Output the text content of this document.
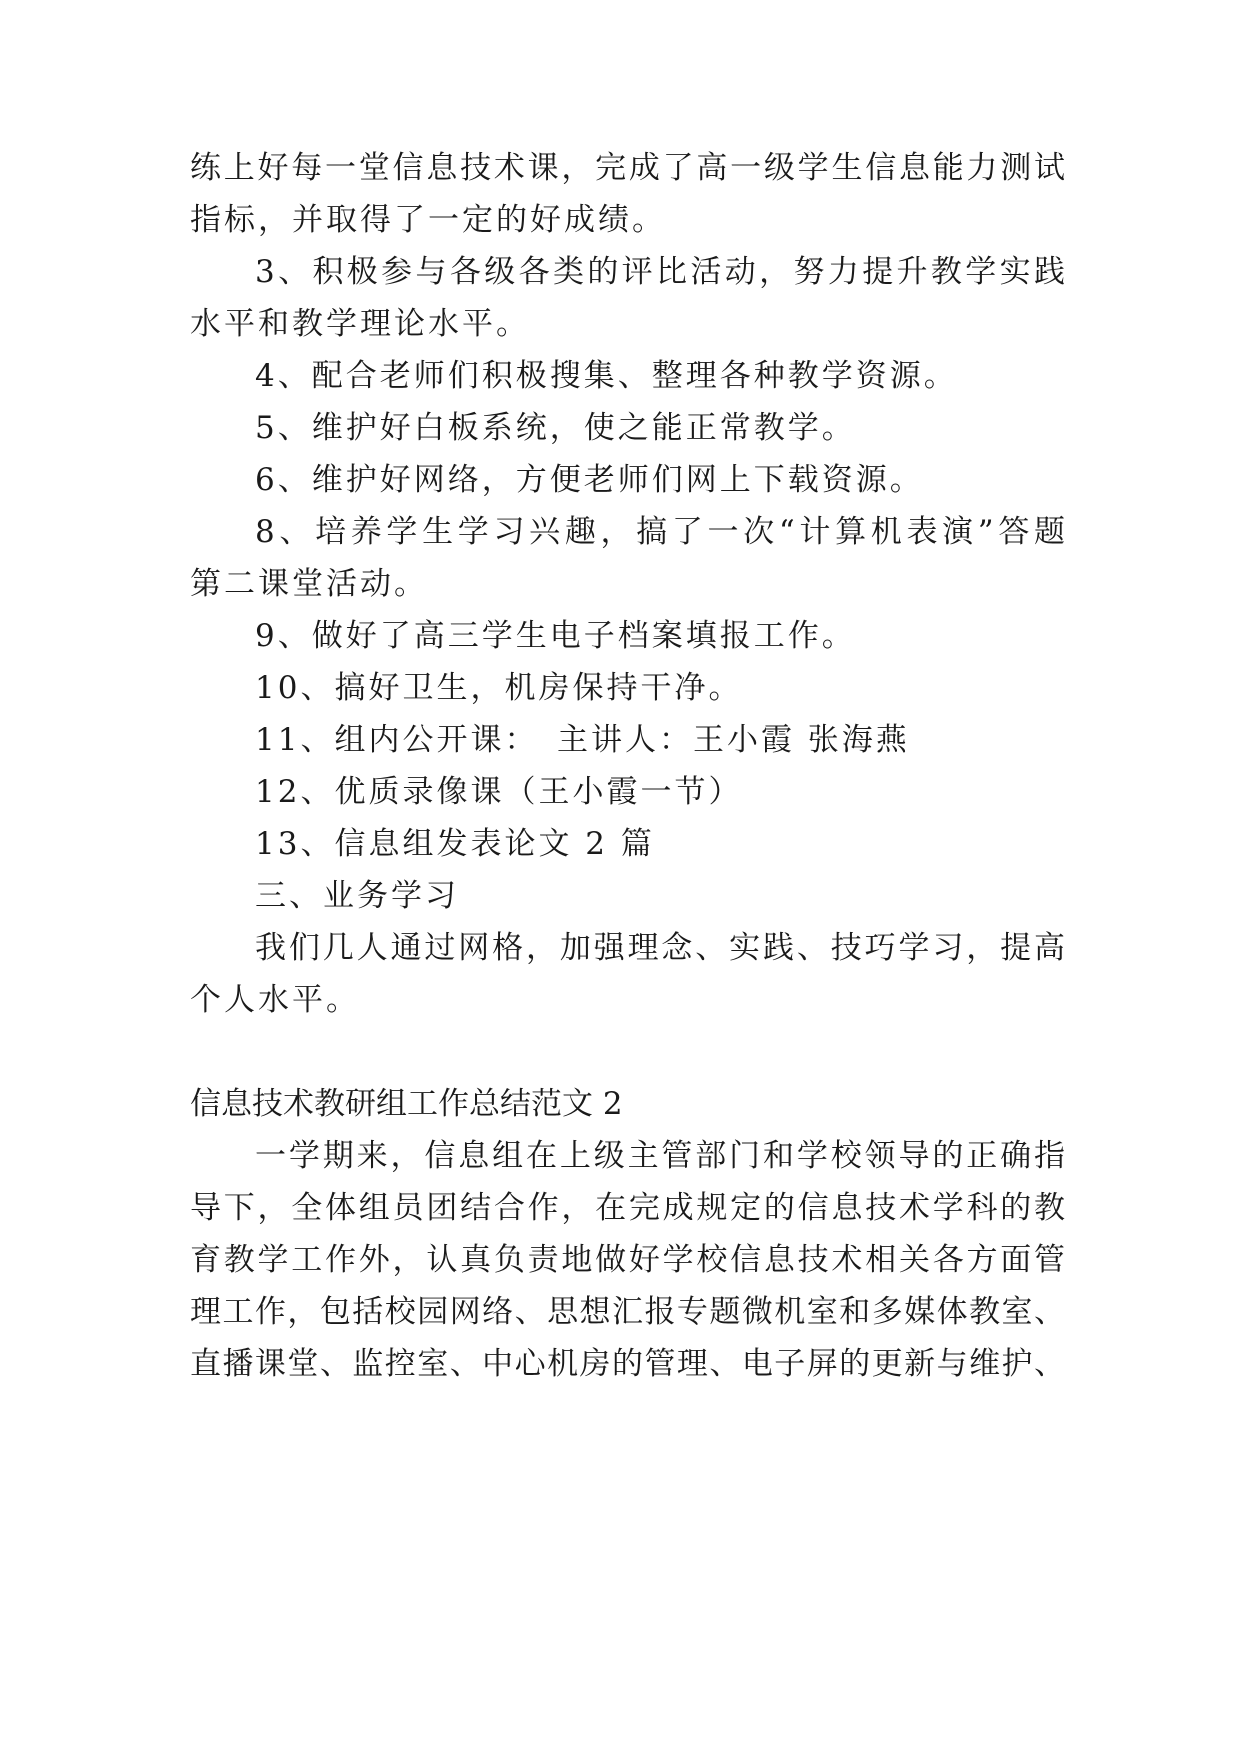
练上好每一堂信息技术课，完成了高一级学生信息能力测试
指标，并取得了一定的好成绩。
3、积极参与各级各类的评比活动，努力提升教学实践
水平和教学理论水平。
4、配合老师们积极搜集、整理各种教学资源。
5、维护好白板系统，使之能正常教学。
6、维护好网络，方便老师们网上下载资源。
8、培养学生学习兴趣，搞了一次“计算机表演”答题
第二课堂活动。
9、做好了高三学生电子档案填报工作。
10、搞好卫生，机房保持干净。
11、组内公开课：　主讲人：王小霞 张海燕
12、优质录像课（王小霞一节）
13、信息组发表论文 2 篇
三、业务学习
我们几人通过网格，加强理念、实践、技巧学习，提高
个人水平。
信息技术教研组工作总结范文 2
一学期来，信息组在上级主管部门和学校领导的正确指
导下，全体组员团结合作，在完成规定的信息技术学科的教
育教学工作外，认真负责地做好学校信息技术相关各方面管
理工作，包括校园网络、思想汇报专题微机室和多媒体教室、
直播课堂、监控室、中心机房的管理、电子屏的更新与维护、
